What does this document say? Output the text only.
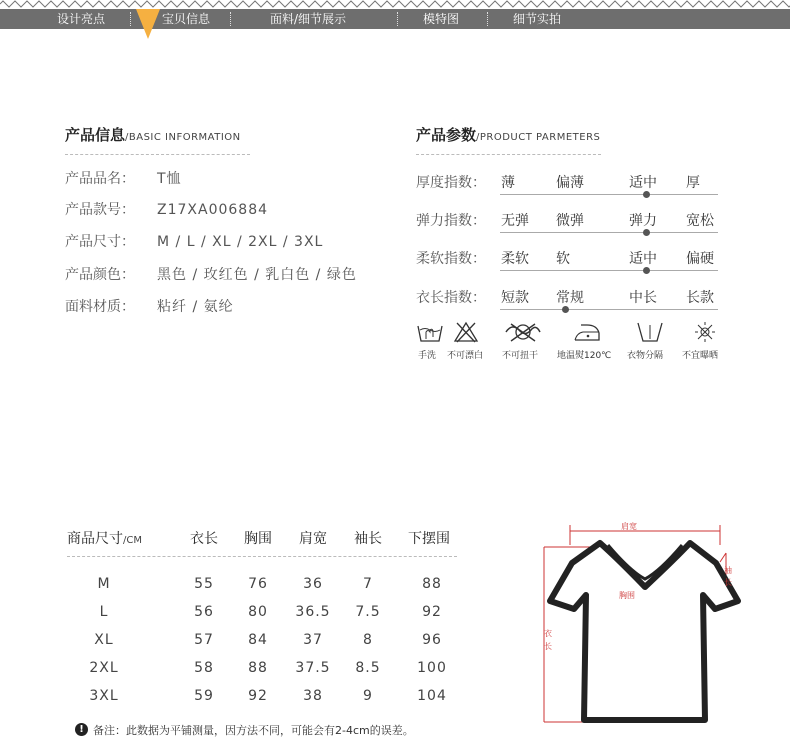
设计亮点	宝贝信息	面料/细节展示	模特图	细节实拍
产品信息/BASIC INFORMATION
产品品名： T恤
产品款号： Z17XA006884
产品尺寸： M / L / XL / 2XL / 3XL
产品颜色： 黑色 / 玫红色 / 乳白色 / 绿色
面料材质： 粘纤 / 氨纶
产品参数/PRODUCT PARMETERS
厚度指数： 薄	偏薄	适中 厚
弹力指数： 无弹 微弹	弹力 宽松
柔软指数： 柔软 软	适中 偏硬
衣长指数： 短款 常规	中长 长款
手洗 不可漂白 不可扭干 地温熨120℃ 衣物分隔 不宜曝晒
商品尺寸/CM	衣长 胸围 肩宽 袖长 下摆围
M	55	76	36	7	88
L	56	80	36.5	7.5	92
XL	57	84	37	8	96
2XL	58	88	37.5	8.5	100
3XL	59	92	38	9	104
! 备注：此数据为平铺测量，因方法不同，可能会有2-4cm的误差。
肩宽
胸围
袖
长
衣
长
